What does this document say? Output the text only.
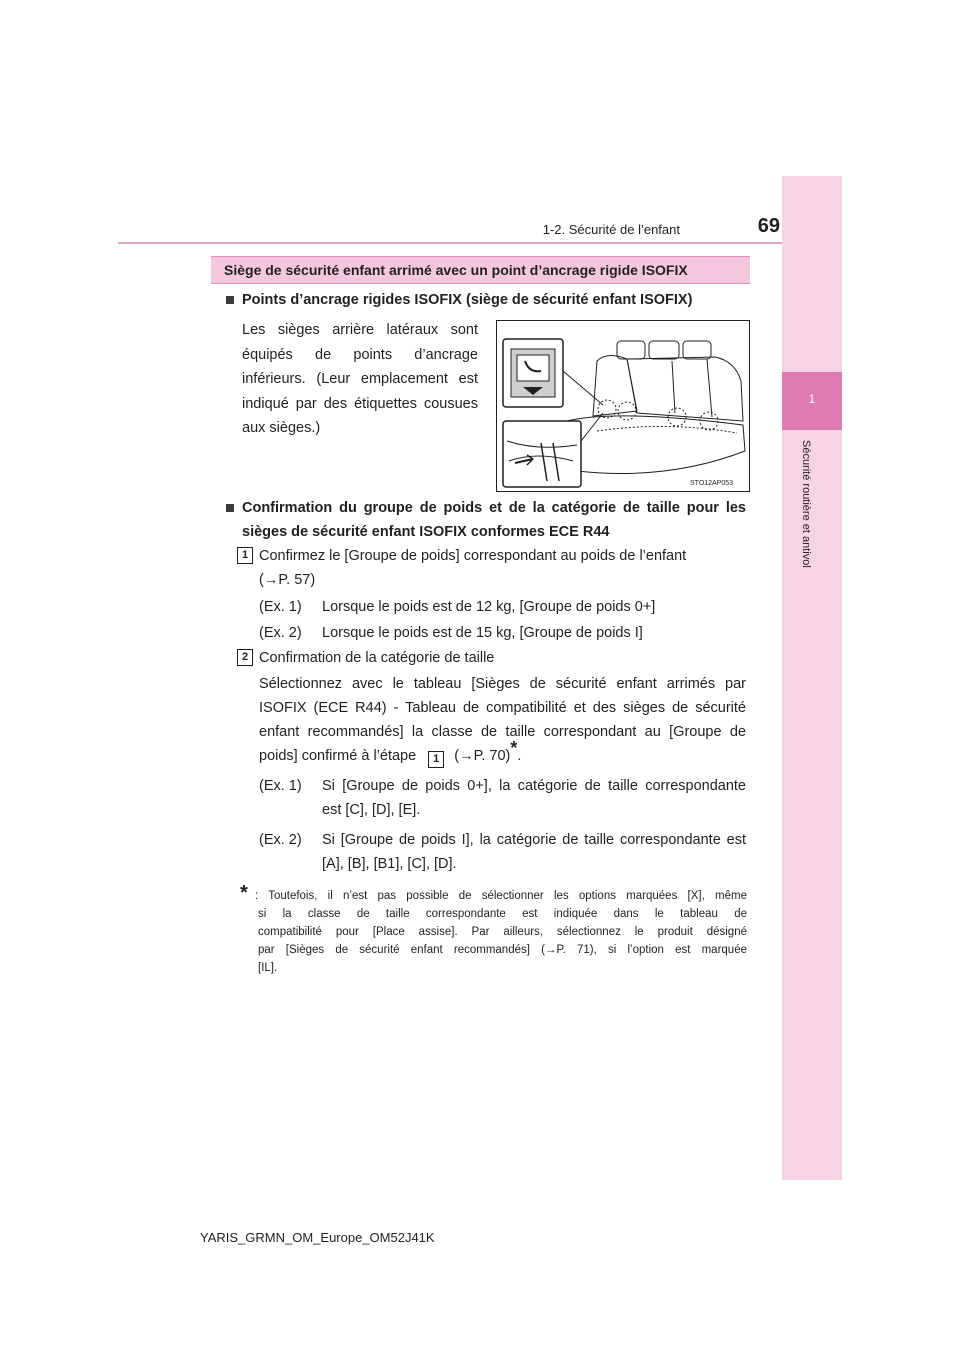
1-2. Sécurité de l’enfant	69
1
Sécurité routière et antivol
Siège de sécurité enfant arrimé avec un point d’ancrage rigide ISOFIX
Points d’ancrage rigides ISOFIX (siège de sécurité enfant ISOFIX)
Les sièges arrière latéraux sont
équipés de points d’ancrage
inférieurs. (Leur emplacement est
indiqué par des étiquettes cousues
aux sièges.)
STO12AP053
Confirmation du groupe de poids et de la catégorie de taille pour les
sièges de sécurité enfant ISOFIX conformes ECE R44
1 Confirmez le [Groupe de poids] correspondant au poids de l’enfant
(→P. 57)
(Ex. 1) Lorsque le poids est de 12 kg, [Groupe de poids 0+]
(Ex. 2) Lorsque le poids est de 15 kg, [Groupe de poids I]
2 Confirmation de la catégorie de taille
Sélectionnez avec le tableau [Sièges de sécurité enfant arrimés par
ISOFIX (ECE R44) - Tableau de compatibilité et des sièges de sécurité
enfant recommandés] la classe de taille correspondant au [Groupe de
poids] confirmé à l’étape 1 (→P. 70)*.
(Ex. 1) Si [Groupe de poids 0+], la catégorie de taille correspondante
est [C], [D], [E].
(Ex. 2) Si [Groupe de poids I], la catégorie de taille correspondante est
[A], [B], [B1], [C], [D].
* : Toutefois, il n’est pas possible de sélectionner les options marquées [X], même
si la classe de taille correspondante est indiquée dans le tableau de
compatibilité pour [Place assise]. Par ailleurs, sélectionnez le produit désigné
par [Sièges de sécurité enfant recommandés] (→P. 71), si l’option est marquée
[IL].
YARIS_GRMN_OM_Europe_OM52J41K
